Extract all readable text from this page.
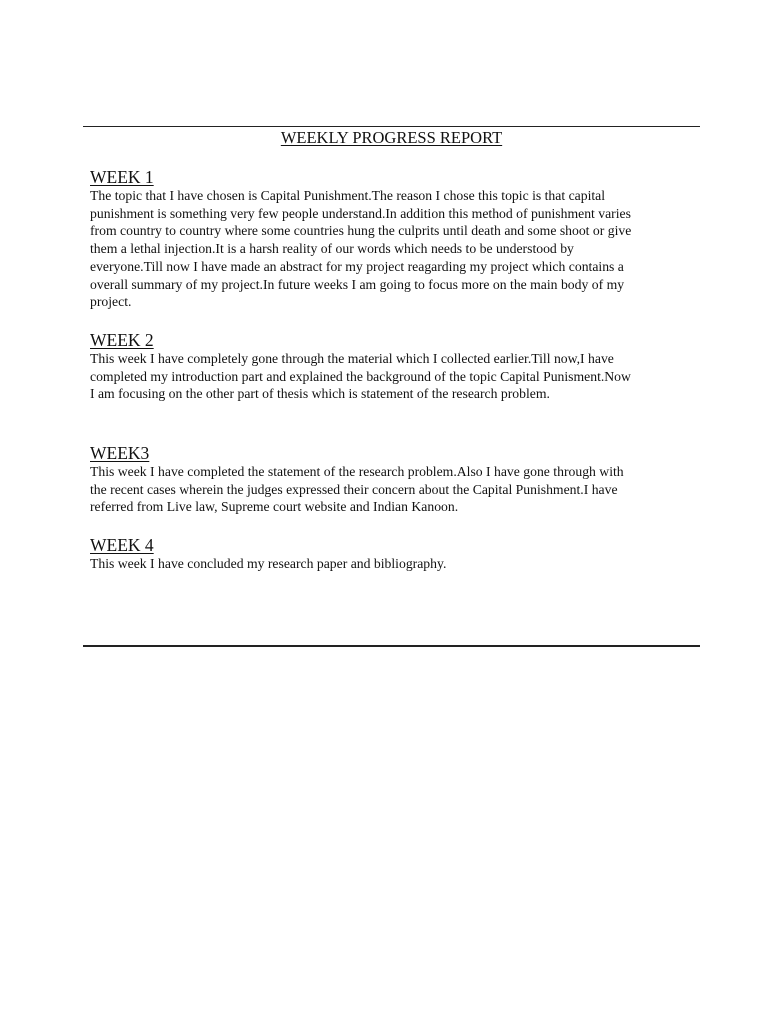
WEEKLY PROGRESS REPORT
WEEK 1

The topic that I have chosen is Capital Punishment.The reason I chose this topic is that capital
punishment is something very few people understand.In addition this method of punishment varies
from country to country where some countries hung the culprits until death and some shoot or give
them a lethal injection.It is a harsh reality of our words which needs to be understood by
everyone.Till now I have made an abstract for my project reagarding my project which contains a
overall summary of my project.In future weeks I am going to focus more on the main body of my
project.

WEEK 2

This week I have completely gone through the material which I collected earlier.Till now,I have
completed my introduction part and explained the background of the topic Capital Punisment.Now
I am focusing on the other part of thesis which is statement of the research problem.

WEEK3

This week I have completed the statement of the research problem.Also I have gone through with
the recent cases wherein the judges expressed their concern about the Capital Punishment.I have
referred from Live law, Supreme court website and Indian Kanoon.

WEEK 4

This week I have concluded my research paper and bibliography.
